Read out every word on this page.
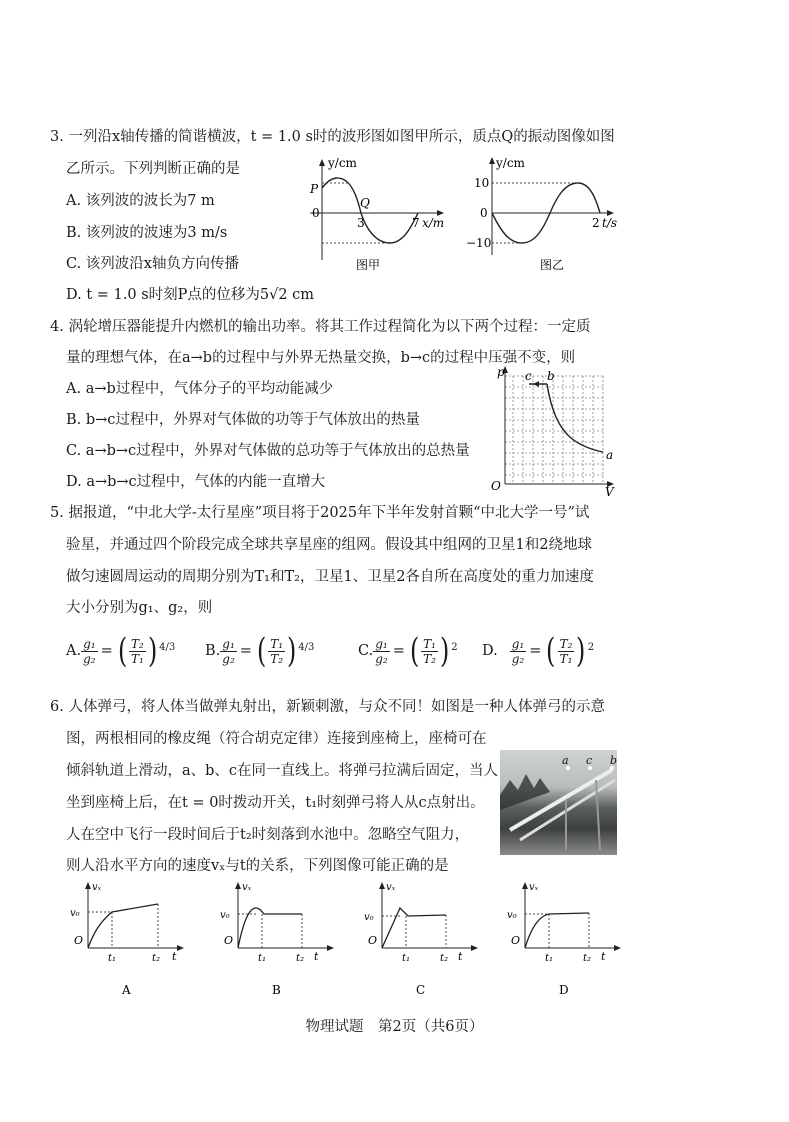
3. 一列沿x轴传播的简谐横波，t = 1.0 s时的波形图如图甲所示，质点Q的振动图像如图
乙所示。下列判断正确的是
A. 该列波的波长为7 m
B. 该列波的波速为3 m/s
C. 该列波沿x轴负方向传播
D. t = 1.0 s时刻P点的位移为5√2 cm
P
Q
y/cm
0
3	7 x/m
图甲
y/cm
10
0
−10
2 t/s
图乙
4. 涡轮增压器能提升内燃机的输出功率。将其工作过程简化为以下两个过程：一定质
量的理想气体，在a→b的过程中与外界无热量交换，b→c的过程中压强不变，则
A. a→b过程中，气体分子的平均动能减少
B. b→c过程中，外界对气体做的功等于气体放出的热量
C. a→b→c过程中，外界对气体做的总功等于气体放出的总热量
D. a→b→c过程中，气体的内能一直增大
p
V
O
c b
a
5. 据报道，“中北大学-太行星座”项目将于2025年下半年发射首颗“中北大学一号”试
验星，并通过四个阶段完成全球共享星座的组网。假设其中组网的卫星1和2绕地球
做匀速圆周运动的周期分别为T₁和T₂，卫星1、卫星2各自所在高度处的重力加速度
大小分别为g₁、g₂，则
A. $\frac{\text{g₁}}{\text{g₂}}$ = ( $\frac{\text{T₂}}{\text{T₁}}$ ) 4/3 B. $\frac{\text{g₁}}{\text{g₂}}$ = ( $\frac{\text{T₁}}{\text{T₂}}$ ) 4/3	C. $\frac{\text{g₁}}{\text{g₂}}$ = ( $\frac{\text{T₁}}{\text{T₂}}$ ) 2 D. $\frac{\text{g₁}}{\text{g₂}}$ = ( $\frac{\text{T₂}}{\text{T₁}}$ ) 2
6. 人体弹弓，将人体当做弹丸射出，新颖刺激，与众不同！如图是一种人体弹弓的示意
图，两根相同的橡皮绳（符合胡克定律）连接到座椅上，座椅可在
倾斜轨道上滑动，a、b、c在同一直线上。将弹弓拉满后固定，当人
坐到座椅上后，在t = 0时拨动开关，t₁时刻弹弓将人从c点射出。
人在空中飞行一段时间后于t₂时刻落到水池中。忽略空气阻力，
则人沿水平方向的速度vₓ与t的关系，下列图像可能正确的是
a c b
vₓ
v₀
O
t₁	t₂ t
A
vₓ
v₀
O
t₁	t₂ t
B
vₓ
v₀
O
t₁	t₂ t
C
vₓ
v₀
O
t₁	t₂ t
D
物理试题　第2页（共6页）
